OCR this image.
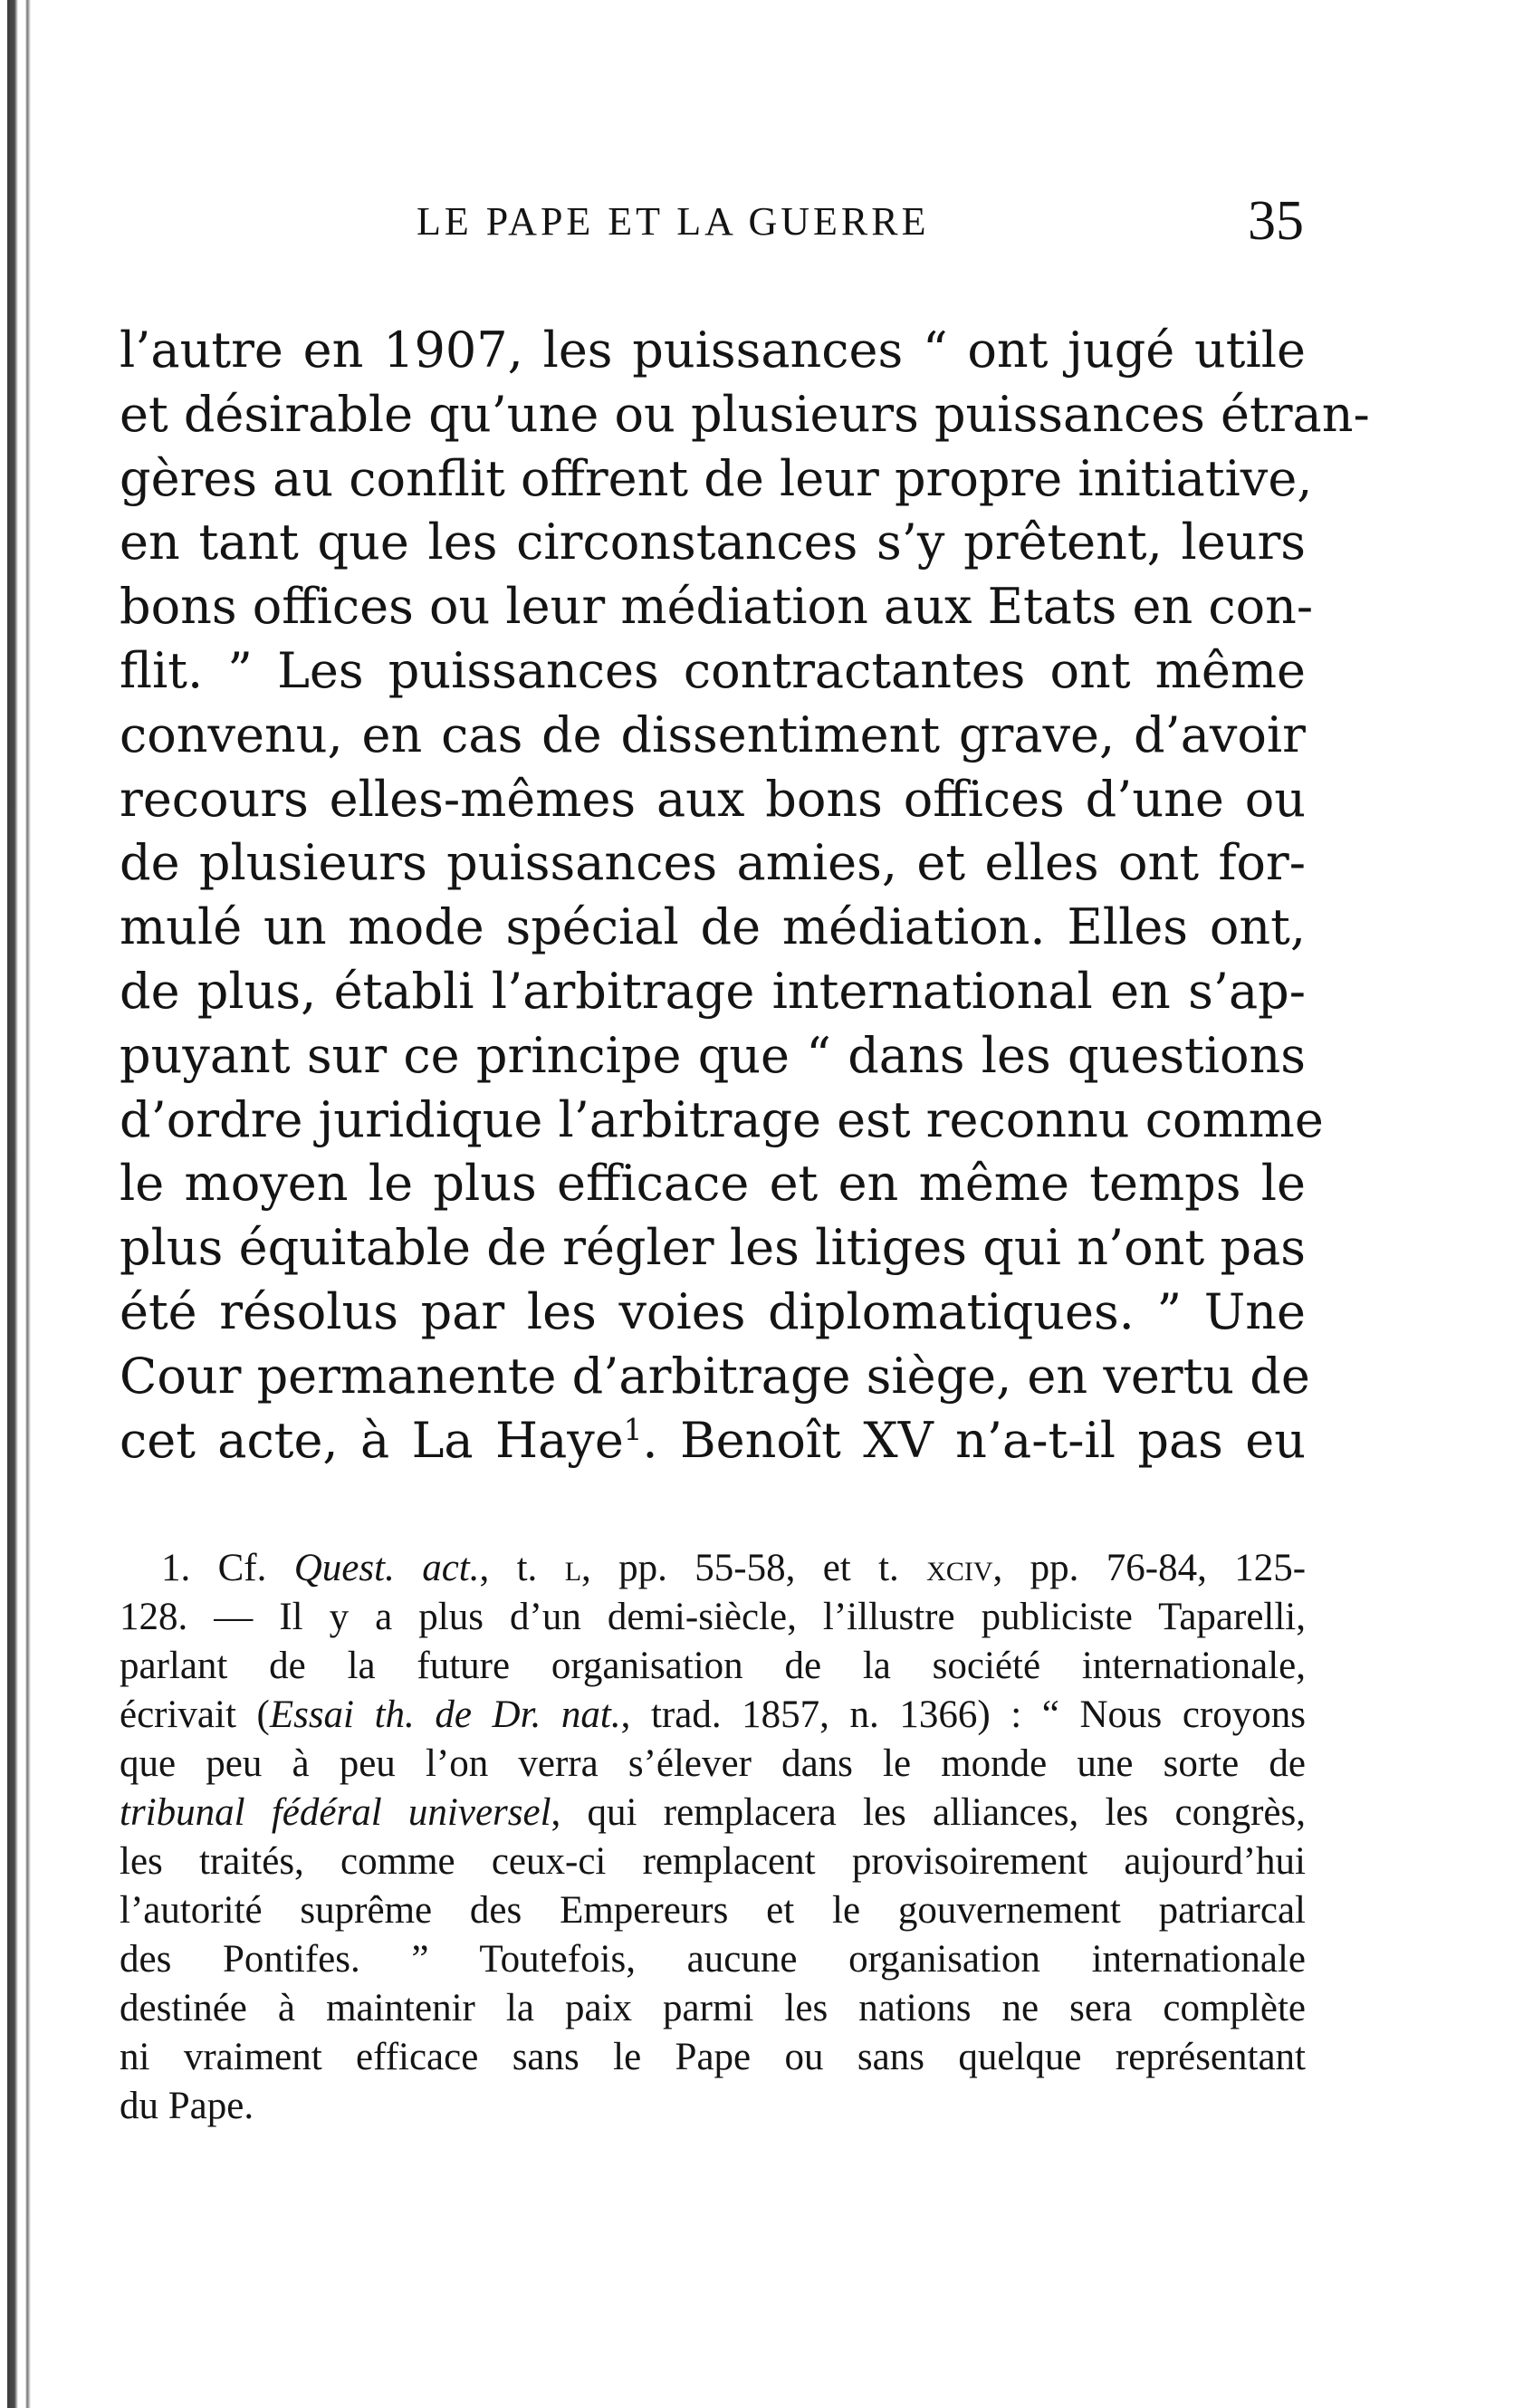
LE PAPE ET LA GUERRE	35
l’autre en 1907, les puissances “ ont jugé utile
et désirable qu’une ou plusieurs puissances étran-
gères au conflit offrent de leur propre initiative,
en tant que les circonstances s’y prêtent, leurs
bons offices ou leur médiation aux Etats en con-
flit. ” Les puissances contractantes ont même
convenu, en cas de dissentiment grave, d’avoir
recours elles-mêmes aux bons offices d’une ou
de plusieurs puissances amies, et elles ont for-
mulé un mode spécial de médiation. Elles ont,
de plus, établi l’arbitrage international en s’ap-
puyant sur ce principe que “ dans les questions
d’ordre juridique l’arbitrage est reconnu comme
le moyen le plus efficace et en même temps le
plus équitable de régler les litiges qui n’ont pas
été résolus par les voies diplomatiques. ” Une
Cour permanente d’arbitrage siège, en vertu de
cet acte, à La Haye$^1$. Benoît XV n’a-t-il pas eu
1. Cf. Quest. act., t. l, pp. 55-58, et t. xciv, pp. 76-84, 125-
128. — Il y a plus d’un demi-siècle, l’illustre publiciste Taparelli,
parlant de la future organisation de la société internationale,
écrivait (Essai th. de Dr. nat., trad. 1857, n. 1366) : “ Nous croyons
que peu à peu l’on verra s’élever dans le monde une sorte de
tribunal fédéral universel, qui remplacera les alliances, les congrès,
les traités, comme ceux-ci remplacent provisoirement aujourd’hui
l’autorité suprême des Empereurs et le gouvernement patriarcal
des Pontifes. ” Toutefois, aucune organisation internationale
destinée à maintenir la paix parmi les nations ne sera complète
ni vraiment efficace sans le Pape ou sans quelque représentant
du Pape.
